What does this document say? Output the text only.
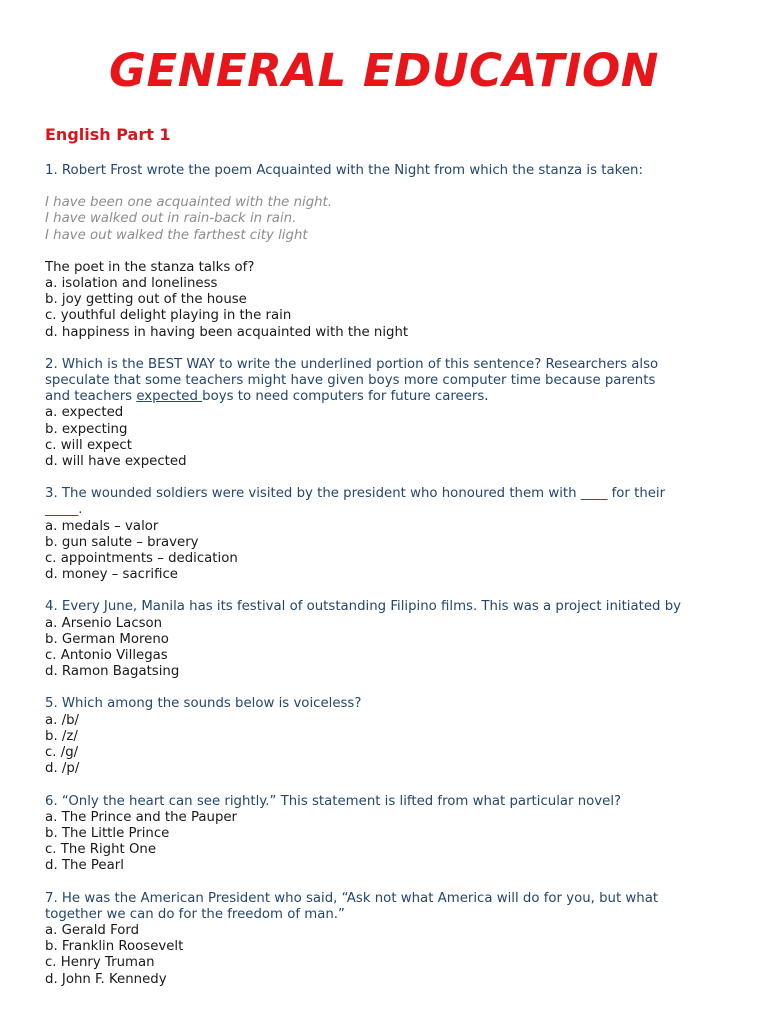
GENERAL EDUCATION
English Part 1
1. Robert Frost wrote the poem Acquainted with the Night from which the stanza is taken:
I have been one acquainted with the night.
I have walked out in rain-back in rain.
I have out walked the farthest city light
The poet in the stanza talks of?
a. isolation and loneliness
b. joy getting out of the house
c. youthful delight playing in the rain
d. happiness in having been acquainted with the night
2. Which is the BEST WAY to write the underlined portion of this sentence? Researchers also
speculate that some teachers might have given boys more computer time because parents
and teachers expected boys to need computers for future careers.
a. expected
b. expecting
c. will expect
d. will have expected
3. The wounded soldiers were visited by the president who honoured them with ____ for their
_____.
a. medals – valor
b. gun salute – bravery
c. appointments – dedication
d. money – sacrifice
4. Every June, Manila has its festival of outstanding Filipino films. This was a project initiated by
a. Arsenio Lacson
b. German Moreno
c. Antonio Villegas
d. Ramon Bagatsing
5. Which among the sounds below is voiceless?
a. /b/
b. /z/
c. /g/
d. /p/
6. “Only the heart can see rightly.” This statement is lifted from what particular novel?
a. The Prince and the Pauper
b. The Little Prince
c. The Right One
d. The Pearl
7. He was the American President who said, “Ask not what America will do for you, but what
together we can do for the freedom of man.”
a. Gerald Ford
b. Franklin Roosevelt
c. Henry Truman
d. John F. Kennedy
